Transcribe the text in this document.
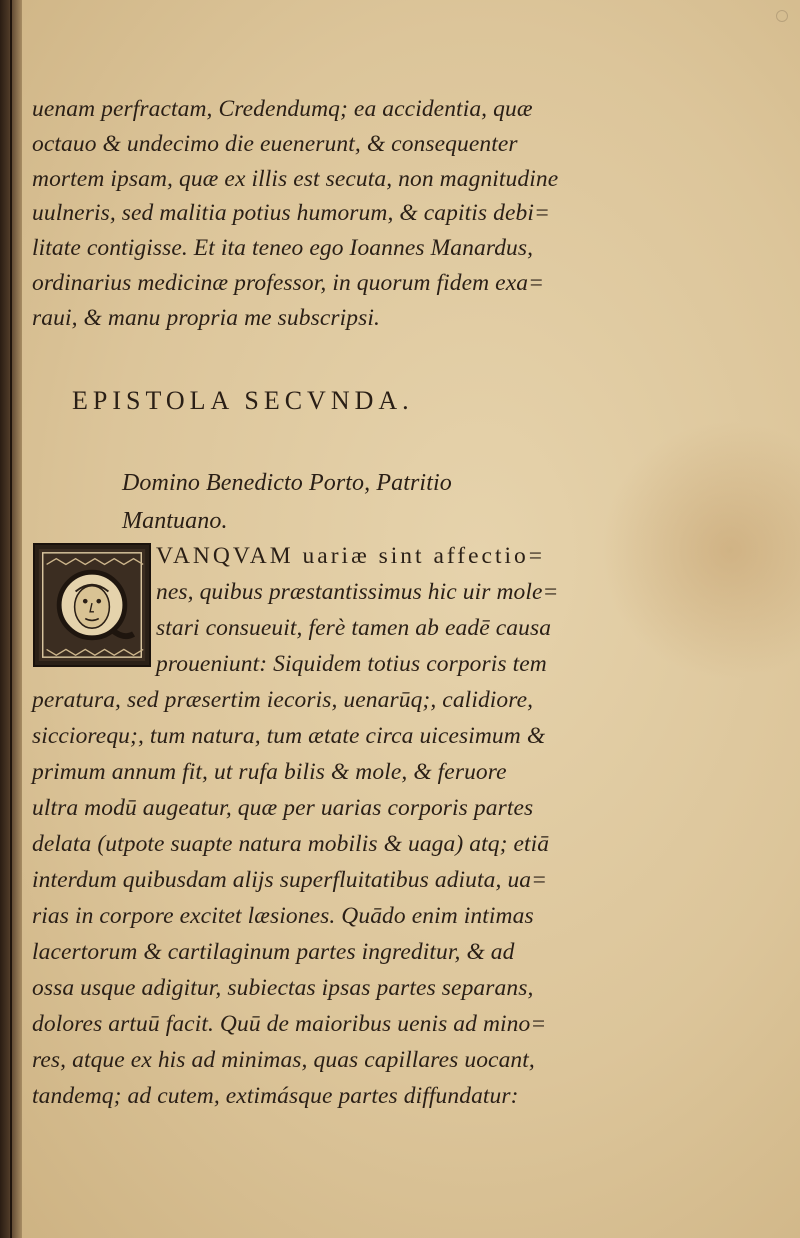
uenam perfractam, Credendumq; ea accidentia, quæ
octauo & undecimo die euenerunt, & consequenter
mortem ipsam, quæ ex illis est secuta, non magnitudine
uulneris, sed malitia potius humorum, & capitis debi=
litate contigisse. Et ita teneo ego Ioannes Manardus,
ordinarius medicinæ professor, in quorum fidem exa=
raui, & manu propria me subscripsi.
EPISTOLA SECVNDA.
Domino Benedicto Porto, Patritio
Mantuano.
VANQVAM uariæ sint affectio=
nes, quibus præstantissimus hic uir mole=
stari consueuit, ferè tamen ab eadē causa
proueniunt: Siquidem totius corporis tem
peratura, sed præsertim iecoris, uenarūq;, calidiore,
sicciorequ;, tum natura, tum ætate circa uicesimum &
primum annum fit, ut rufa bilis & mole, & feruore
ultra modū augeatur, quæ per uarias corporis partes
delata (utpote suapte natura mobilis & uaga) atq; etiā
interdum quibusdam alijs superfluitatibus adiuta, ua=
rias in corpore excitet læsiones. Quādo enim intimas
lacertorum & cartilaginum partes ingreditur, & ad
ossa usque adigitur, subiectas ipsas partes separans,
dolores artuū facit. Quū de maioribus uenis ad mino=
res, atque ex his ad minimas, quas capillares uocant,
tandemq; ad cutem, extimásque partes diffundatur:
